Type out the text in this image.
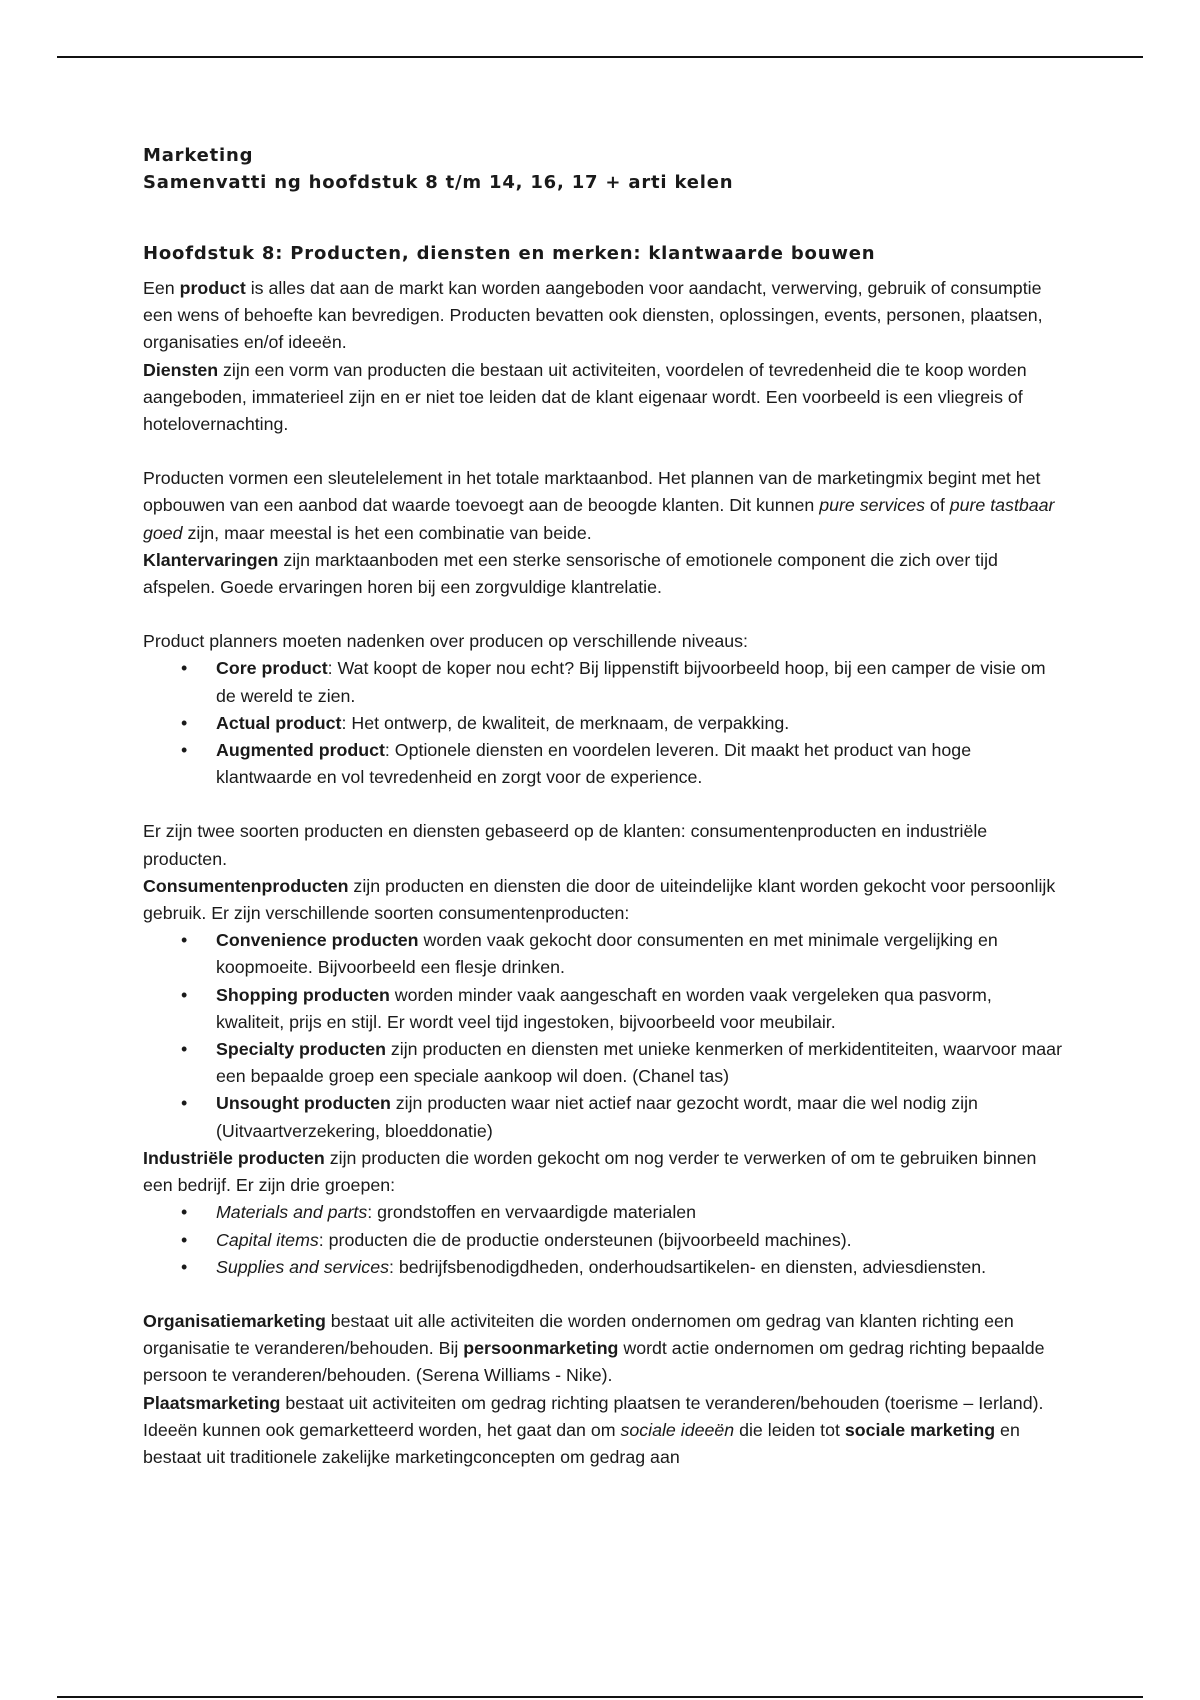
Marketing
Samenvatti ng hoofdstuk 8 t/m 14, 16, 17 + arti kelen
Hoofdstuk 8: Producten, diensten en merken: klantwaarde bouwen

Een product is alles dat aan de markt kan worden aangeboden voor aandacht, verwerving, gebruik of consumptie een wens of behoefte kan bevredigen. Producten bevatten ook diensten, oplossingen, events, personen, plaatsen, organisaties en/of ideeën.
Diensten zijn een vorm van producten die bestaan uit activiteiten, voordelen of tevredenheid die te koop worden aangeboden, immaterieel zijn en er niet toe leiden dat de klant eigenaar wordt. Een voorbeeld is een vliegreis of hotelovernachting.

Producten vormen een sleutelelement in het totale marktaanbod. Het plannen van de marketingmix begint met het opbouwen van een aanbod dat waarde toevoegt aan de beoogde klanten. Dit kunnen pure services of pure tastbaar goed zijn, maar meestal is het een combinatie van beide.
Klantervaringen zijn marktaanboden met een sterke sensorische of emotionele component die zich over tijd afspelen. Goede ervaringen horen bij een zorgvuldige klantrelatie.

Product planners moeten nadenken over producen op verschillende niveaus:

• Core product: Wat koopt de koper nou echt? Bij lippenstift bijvoorbeeld hoop, bij een camper de visie om de wereld te zien.
• Actual product: Het ontwerp, de kwaliteit, de merknaam, de verpakking.
• Augmented product: Optionele diensten en voordelen leveren. Dit maakt het product van hoge klantwaarde en vol tevredenheid en zorgt voor de experience.

Er zijn twee soorten producten en diensten gebaseerd op de klanten: consumentenproducten en industriële producten.
Consumentenproducten zijn producten en diensten die door de uiteindelijke klant worden gekocht voor persoonlijk gebruik. Er zijn verschillende soorten consumentenproducten:

• Convenience producten worden vaak gekocht door consumenten en met minimale vergelijking en koopmoeite. Bijvoorbeeld een flesje drinken.
• Shopping producten worden minder vaak aangeschaft en worden vaak vergeleken qua pasvorm, kwaliteit, prijs en stijl. Er wordt veel tijd ingestoken, bijvoorbeeld voor meubilair.
• Specialty producten zijn producten en diensten met unieke kenmerken of merkidentiteiten, waarvoor maar een bepaalde groep een speciale aankoop wil doen. (Chanel tas)
• Unsought producten zijn producten waar niet actief naar gezocht wordt, maar die wel nodig zijn (Uitvaartverzekering, bloeddonatie)

Industriële producten zijn producten die worden gekocht om nog verder te verwerken of om te gebruiken binnen een bedrijf. Er zijn drie groepen:

• Materials and parts: grondstoffen en vervaardigde materialen
• Capital items: producten die de productie ondersteunen (bijvoorbeeld machines).
• Supplies and services: bedrijfsbenodigdheden, onderhoudsartikelen- en diensten, adviesdiensten.

Organisatiemarketing bestaat uit alle activiteiten die worden ondernomen om gedrag van klanten richting een organisatie te veranderen/behouden. Bij persoonmarketing wordt actie ondernomen om gedrag richting bepaalde persoon te veranderen/behouden. (Serena Williams - Nike).
Plaatsmarketing bestaat uit activiteiten om gedrag richting plaatsen te veranderen/behouden (toerisme – Ierland). Ideeën kunnen ook gemarketteerd worden, het gaat dan om sociale ideeën die leiden tot sociale marketing en bestaat uit traditionele zakelijke marketingconcepten om gedrag aan
